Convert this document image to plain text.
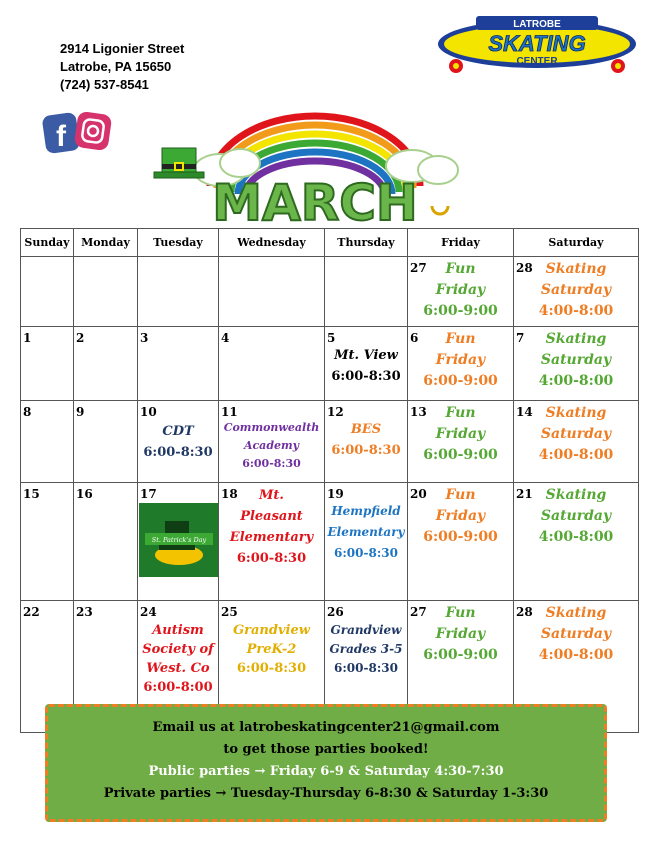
2914 Ligonier Street
Latrobe, PA 15650
(724) 537-8541
LATROBE
SKATING
CENTER
f
MARCH
Sunday	Monday	Tuesday	Wednesday	Thursday	Friday	Saturday

					27 Fun
Friday
6:00-9:00	28 Skating
Saturday
4:00-8:00

1	2	3	4	5
Mt. View
6:00-8:30	6 Fun
Friday
6:00-9:00	7 Skating
Saturday
4:00-8:00

8	9	10
CDT
6:00-8:30	11
Commonwealth
Academy
6:00-8:30	12
BES
6:00-8:30	13 Fun
Friday
6:00-9:00	14 Skating
Saturday
4:00-8:00

15	16	17
St. Patrick's Day	18 Mt.
Pleasant
Elementary
6:00-8:30	19
Hempfield
Elementary
6:00-8:30	20 Fun
Friday
6:00-9:00	21 Skating
Saturday
4:00-8:00

22	23	24
Autism
Society of
West. Co
6:00-8:00	25
Grandview
PreK-2
6:00-8:30	26
Grandview
Grades 3-5
6:00-8:30	27 Fun
Friday
6:00-9:00	28 Skating
Saturday
4:00-8:00
Email us at latrobeskatingcenter21@gmail.com
to get those parties booked!
Public parties → Friday 6-9 & Saturday 4:30-7:30
Private parties → Tuesday-Thursday 6-8:30 & Saturday 1-3:30
